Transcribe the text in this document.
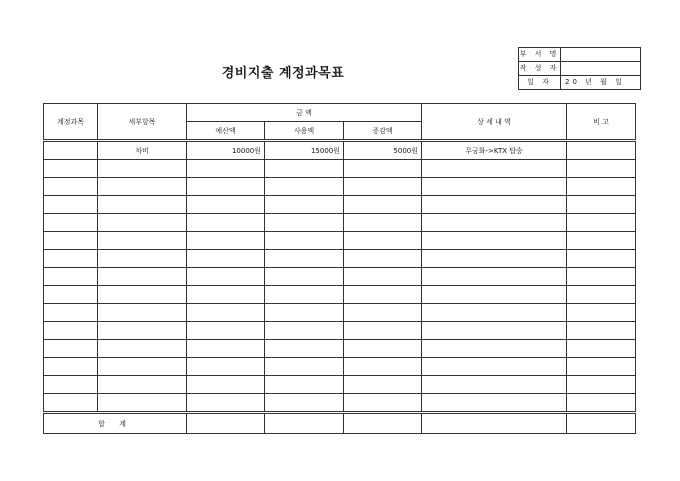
경비지출 계정과목표
부 서 명	
작 성 자	
일 자	20 년 월 일
계정과목	세부항목	금 액			상 세 내 역	비 고
		예산액	사용액	증감액		
	차비	10000원	15000원	5000원	무궁화->KTX 탑승	

합 계						
